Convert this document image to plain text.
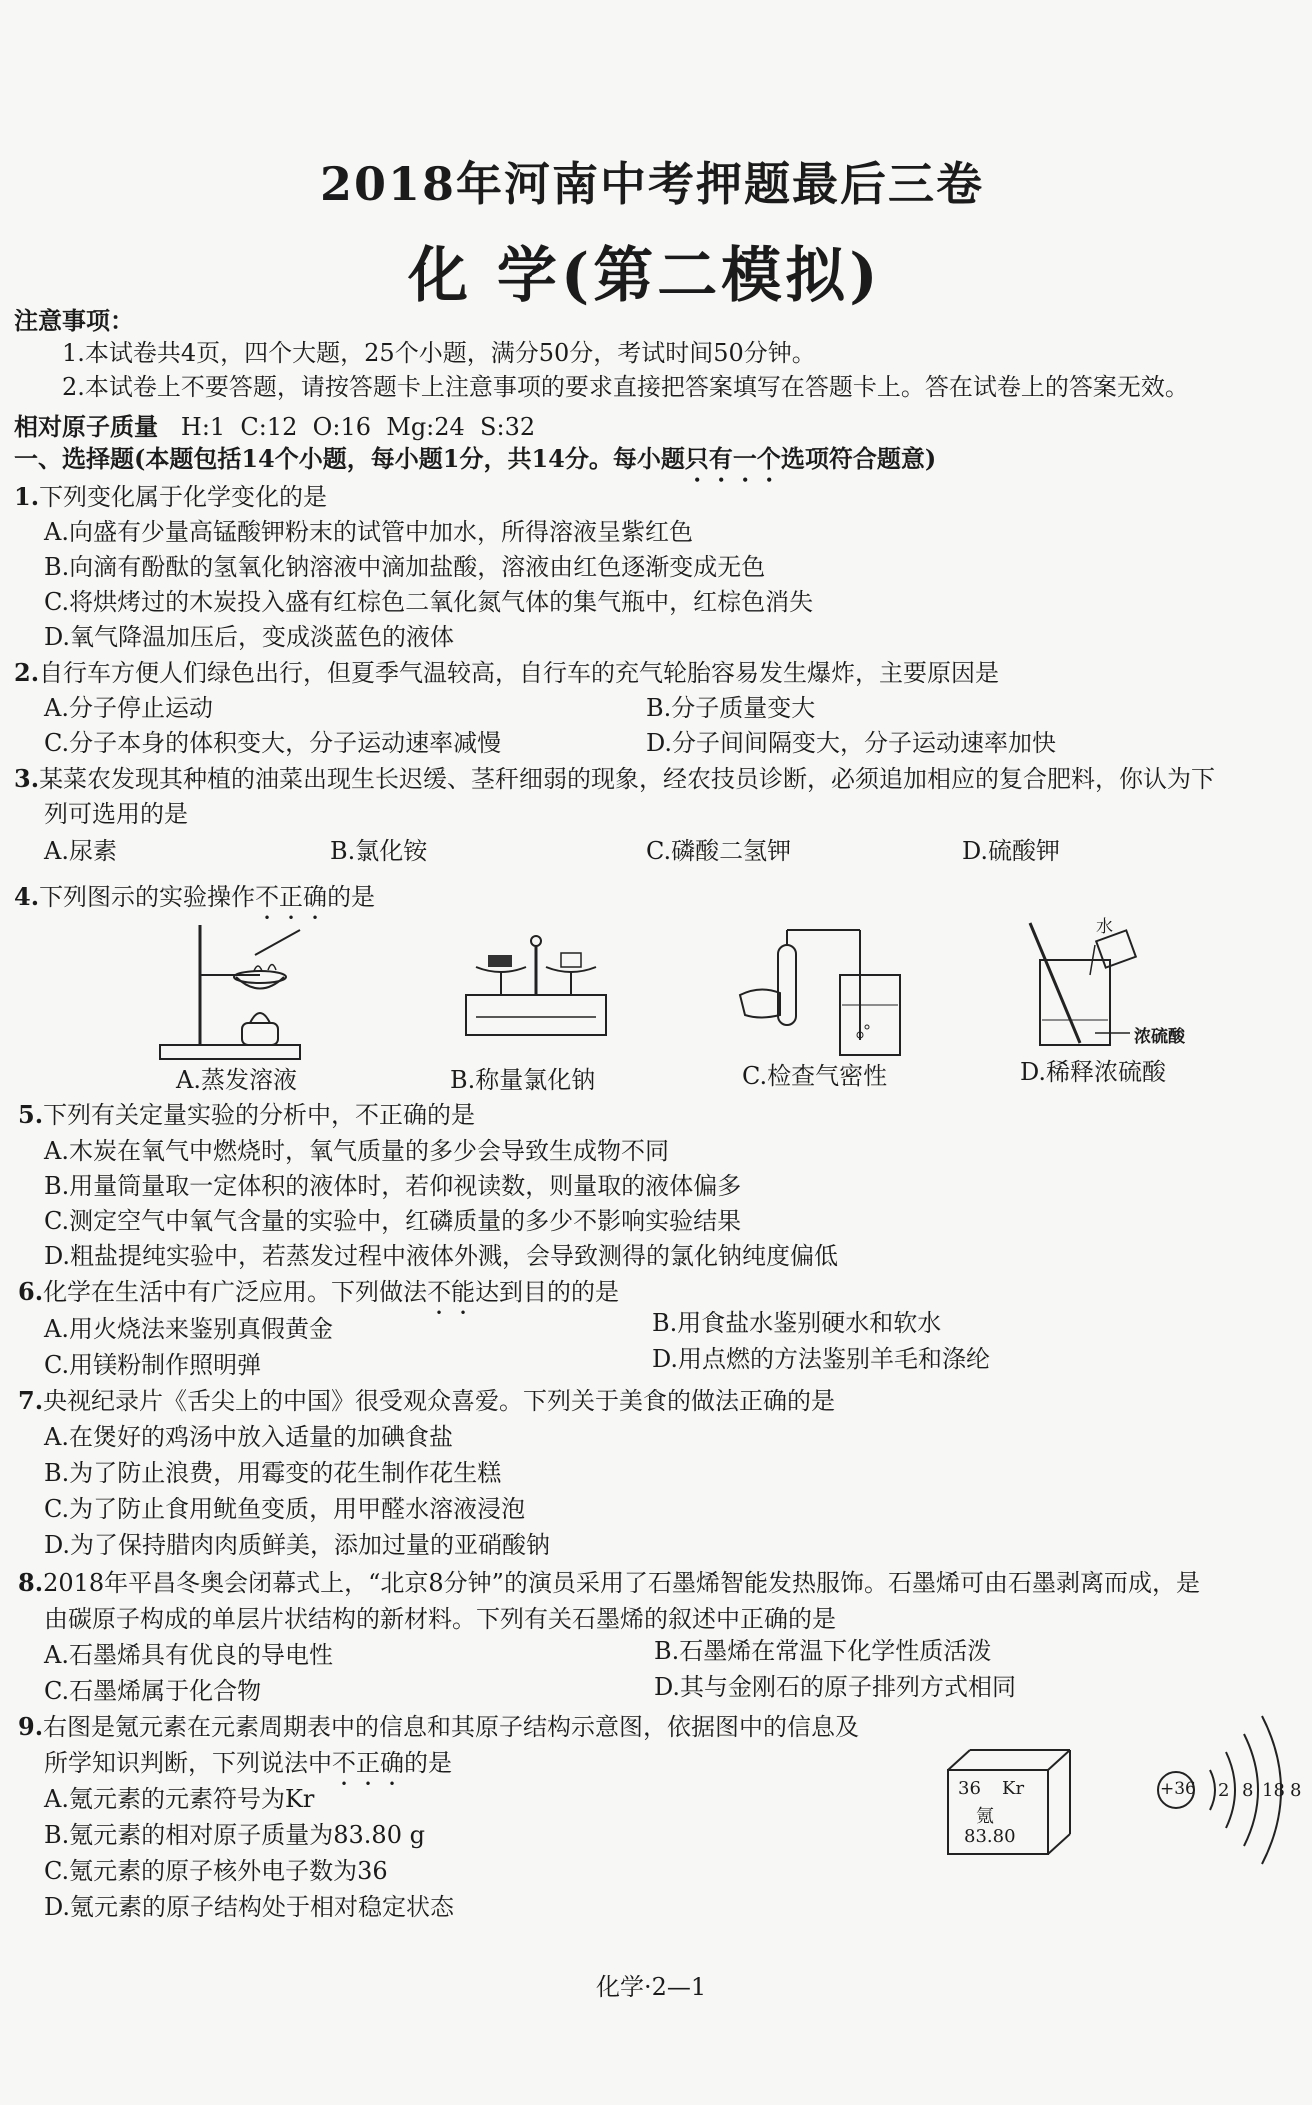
2018年河南中考押题最后三卷
化 学(第二模拟)
注意事项：
1.本试卷共4页，四个大题，25个小题，满分50分，考试时间50分钟。
2.本试卷上不要答题，请按答题卡上注意事项的要求直接把答案填写在答题卡上。答在试卷上的答案无效。
相对原子质量 H:1  C:12  O:16  Mg:24  S:32
一、选择题(本题包括14个小题，每小题1分，共14分。每小题只有一个选项符合题意)
1.下列变化属于化学变化的是
A.向盛有少量高锰酸钾粉末的试管中加水，所得溶液呈紫红色
B.向滴有酚酞的氢氧化钠溶液中滴加盐酸，溶液由红色逐渐变成无色
C.将烘烤过的木炭投入盛有红棕色二氧化氮气体的集气瓶中，红棕色消失
D.氧气降温加压后，变成淡蓝色的液体
2.自行车方便人们绿色出行，但夏季气温较高，自行车的充气轮胎容易发生爆炸，主要原因是
A.分子停止运动	B.分子质量变大
C.分子本身的体积变大，分子运动速率减慢	D.分子间间隔变大，分子运动速率加快
3.某菜农发现其种植的油菜出现生长迟缓、茎秆细弱的现象，经农技员诊断，必须追加相应的复合肥料，你认为下
列可选用的是
A.尿素	B.氯化铵	C.磷酸二氢钾	D.硫酸钾
4.下列图示的实验操作不正确的是
A.蒸发溶液	B.称量氯化钠	C.检查气密性
水
浓硫酸
D.稀释浓硫酸
5.下列有关定量实验的分析中，不正确的是
A.木炭在氧气中燃烧时，氧气质量的多少会导致生成物不同
B.用量筒量取一定体积的液体时，若仰视读数，则量取的液体偏多
C.测定空气中氧气含量的实验中，红磷质量的多少不影响实验结果
D.粗盐提纯实验中，若蒸发过程中液体外溅，会导致测得的氯化钠纯度偏低
6.化学在生活中有广泛应用。下列做法不能达到目的的是
A.用火烧法来鉴别真假黄金	B.用食盐水鉴别硬水和软水
C.用镁粉制作照明弹	D.用点燃的方法鉴别羊毛和涤纶
7.央视纪录片《舌尖上的中国》很受观众喜爱。下列关于美食的做法正确的是
A.在煲好的鸡汤中放入适量的加碘食盐
B.为了防止浪费，用霉变的花生制作花生糕
C.为了防止食用鱿鱼变质，用甲醛水溶液浸泡
D.为了保持腊肉肉质鲜美，添加过量的亚硝酸钠
8.2018年平昌冬奥会闭幕式上，“北京8分钟”的演员采用了石墨烯智能发热服饰。石墨烯可由石墨剥离而成，是
由碳原子构成的单层片状结构的新材料。下列有关石墨烯的叙述中正确的是
A.石墨烯具有优良的导电性	B.石墨烯在常温下化学性质活泼
C.石墨烯属于化合物	D.其与金刚石的原子排列方式相同
9.右图是氪元素在元素周期表中的信息和其原子结构示意图，依据图中的信息及
所学知识判断，下列说法中不正确的是
A.氪元素的元素符号为Kr
B.氪元素的相对原子质量为83.80 g
C.氪元素的原子核外电子数为36
D.氪元素的原子结构处于相对稳定状态
36 Kr
氪
83.80
+36 2 8 18 8
化学·2—1
